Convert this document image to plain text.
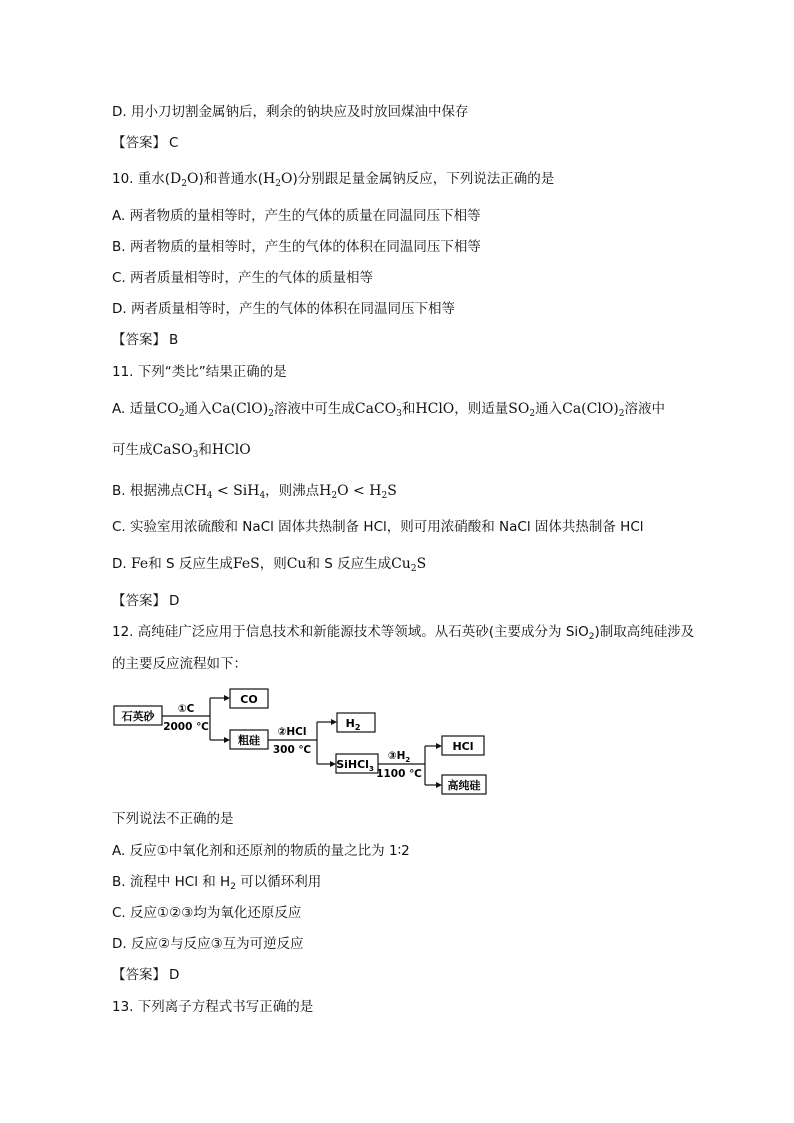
D. 用小刀切割金属钠后，剩余的钠块应及时放回煤油中保存
【答案】 C
10. 重水$(D_2O)$和普通水$(H_2O)$分别跟足量金属钠反应，下列说法正确的是
A. 两者物质的量相等时，产生的气体的质量在同温同压下相等
B. 两者物质的量相等时，产生的气体的体积在同温同压下相等
C. 两者质量相等时，产生的气体的质量相等
D. 两者质量相等时，产生的气体的体积在同温同压下相等
【答案】 B
11. 下列“类比”结果正确的是
A. 适量$CO_2$通入$Ca(ClO)_2$溶液中可生成CaCO$_3$和HClO，则适量$SO_2$通入$Ca(ClO)_2$溶液中
可生成CaSO$_3$和HClO
B. 根据沸点$CH_4 < SiH_4$，则沸点$H_2O < H_2S$
C. 实验室用浓硫酸和 NaCl 固体共热制备 HCl，则可用浓硝酸和 NaCl 固体共热制备 HCl
D. Fe和 S 反应生成FeS，则Cu和 S 反应生成$Cu_2S$
【答案】 D
12. 高纯硅广泛应用于信息技术和新能源技术等领域。从石英砂(主要成分为 SiO$_2$)制取高纯硅涉及
的主要反应流程如下：
石英砂
CO
粗硅
$H_2$
SiHCl$_3$
HCl
高纯硅
①C
2000 ℃	②HCl
300 ℃	$③H_2$
1100 ℃
下列说法不正确的是
A. 反应①中氧化剂和还原剂的物质的量之比为 1∶2
B. 流程中 HCl 和 $H_2$ 可以循环利用
C. 反应①②③均为氧化还原反应
D. 反应②与反应③互为可逆反应
【答案】 D
13. 下列离子方程式书写正确的是
